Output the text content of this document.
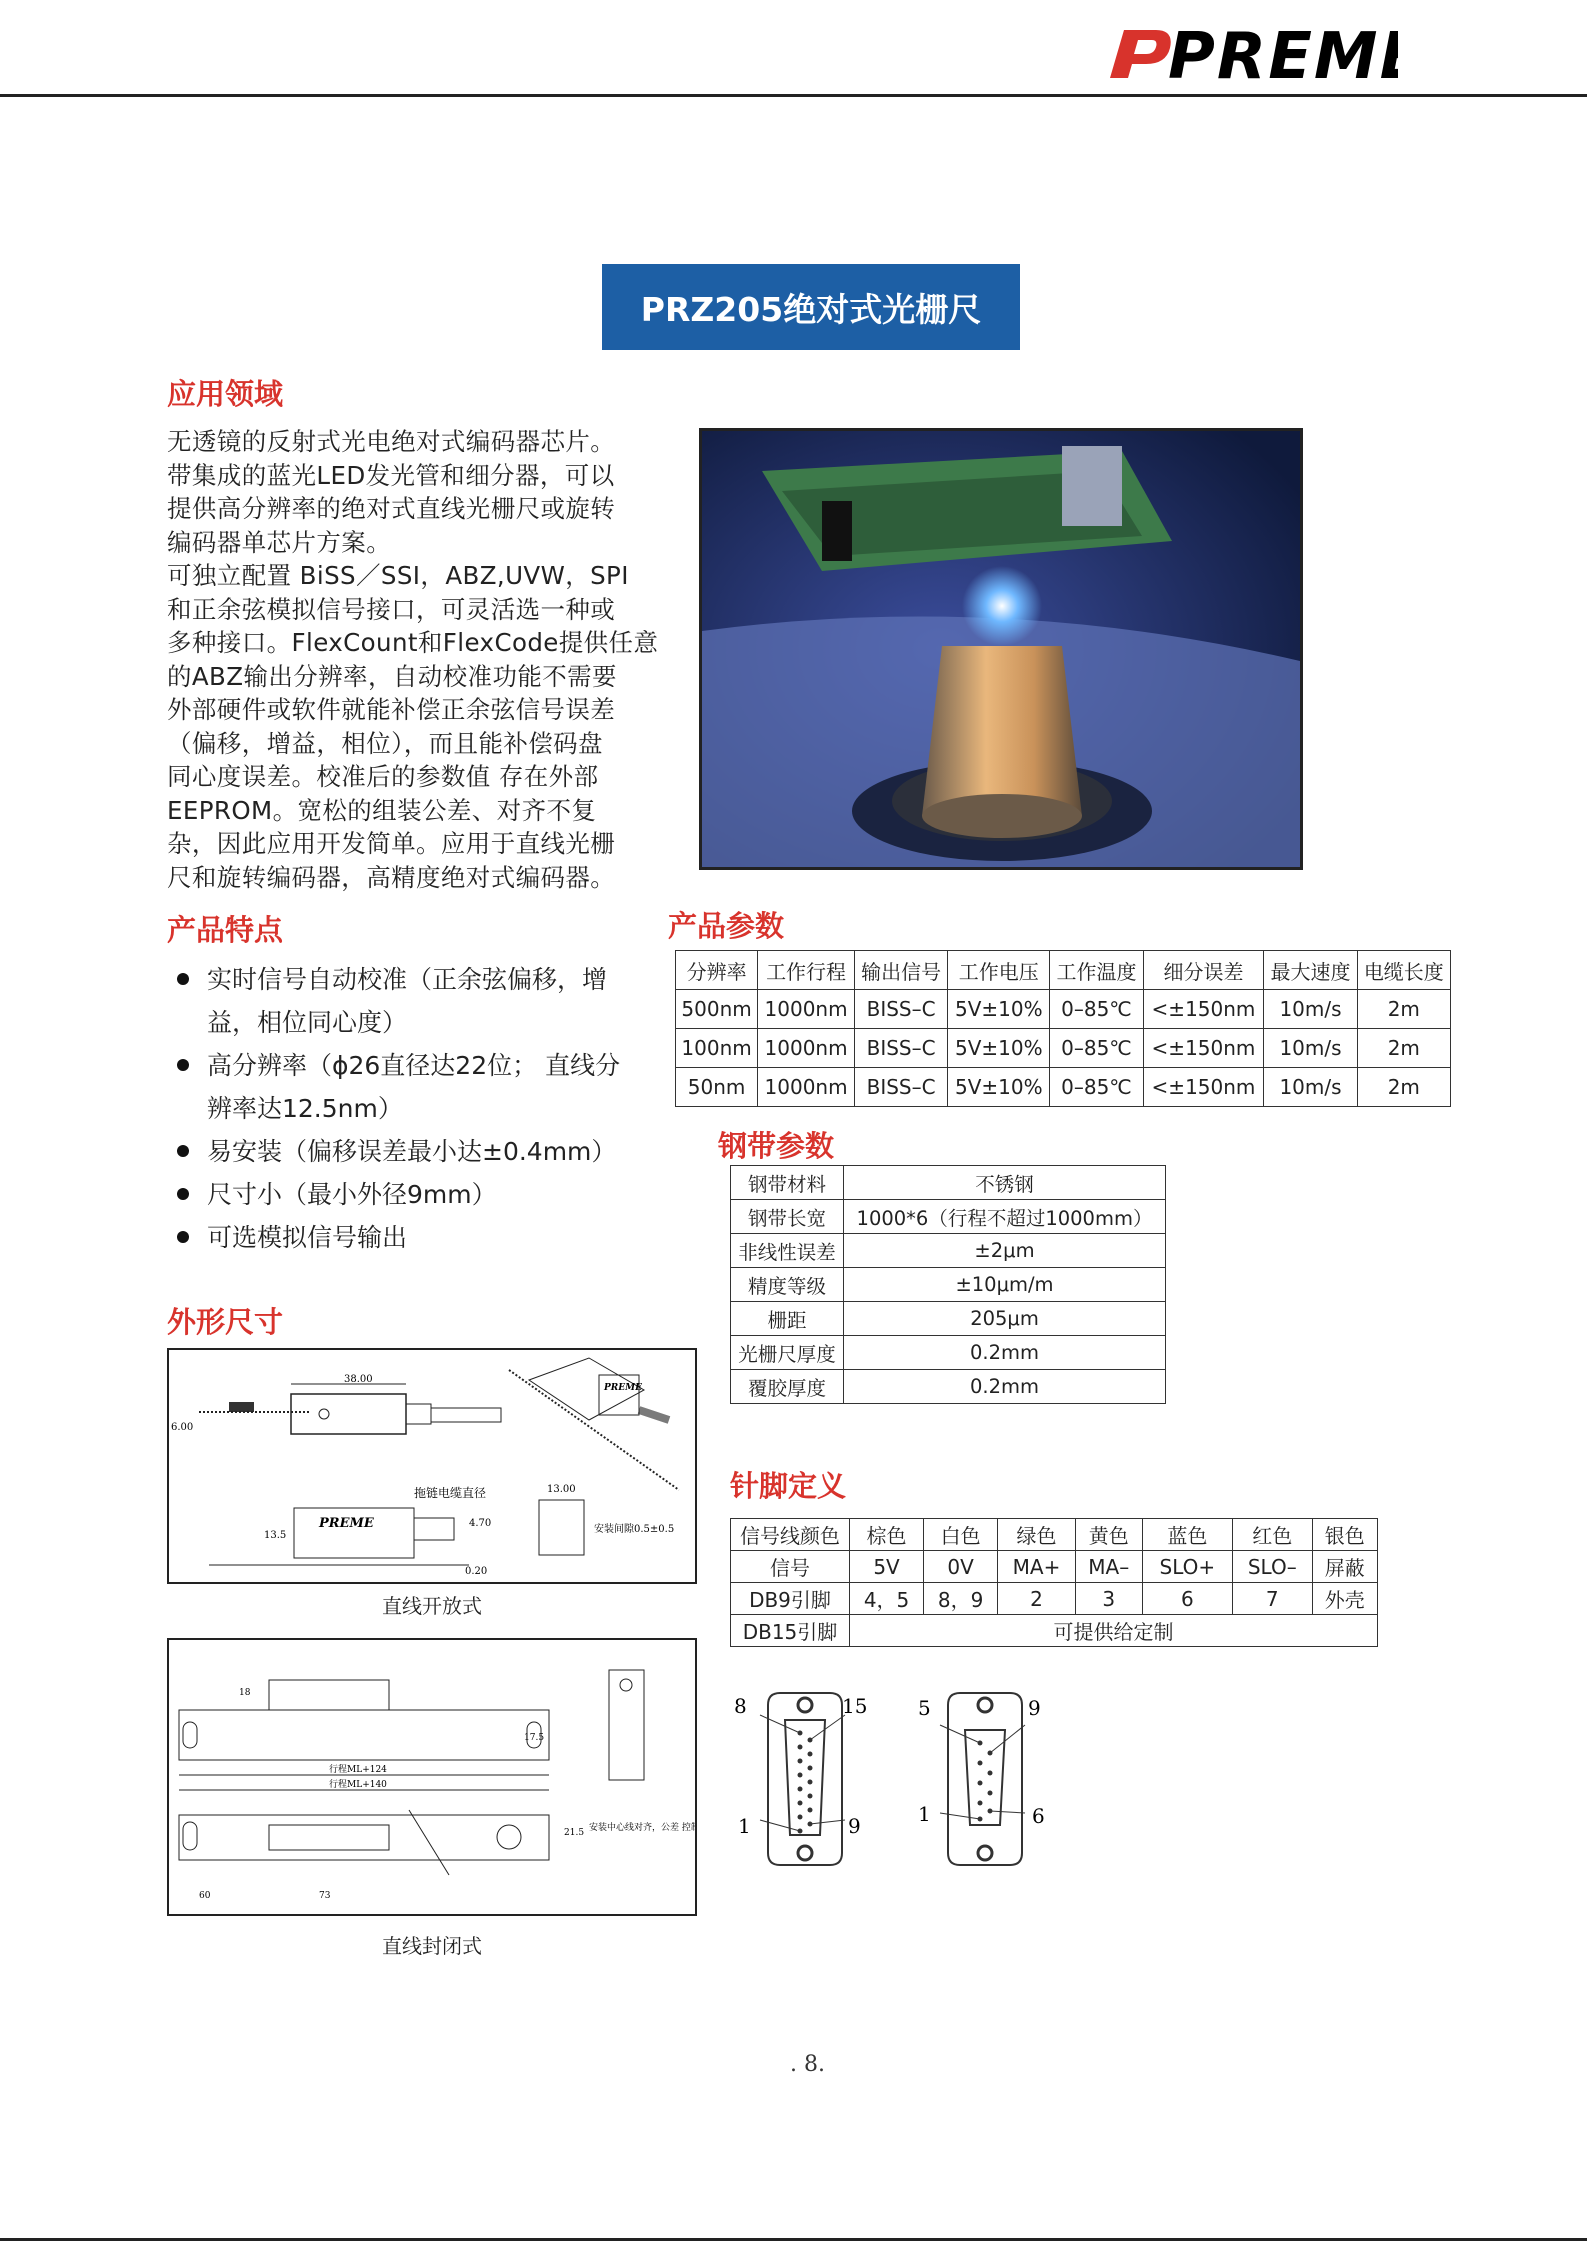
PREM
PRZ205绝对式光栅尺
应用领域
无透镜的反射式光电绝对式编码器芯片。
带集成的蓝光LED发光管和细分器，可以
提供高分辨率的绝对式直线光栅尺或旋转
编码器单芯片方案。
可独立配置 BiSS／SSI，ABZ,UVW，SPI
和正余弦模拟信号接口，可灵活选一种或
多种接口。FlexCount和FlexCode提供任意
的ABZ输出分辨率，自动校准功能不需要
外部硬件或软件就能补偿正余弦信号误差
（偏移，增益，相位），而且能补偿码盘
同心度误差。校准后的参数值 存在外部
EEPROM。宽松的组装公差、对齐不复
杂，因此应用开发简单。应用于直线光栅
尺和旋转编码器，高精度绝对式编码器。
产品特点
实时信号自动校准（正余弦偏移，增
益，相位同心度）
高分辨率（ϕ26直径达22位； 直线分
辨率达12.5nm）
易安装（偏移误差最小达±0.4mm）
尺寸小（最小外径9mm）
可选模拟信号输出
产品参数
分辨率	工作行程	输出信号	工作电压	工作温度	细分误差	最大速度	电缆长度
500nm	1000nm	BISS–C	5V±10%	0–85℃	<±150nm	10m/s	2m
100nm	1000nm	BISS–C	5V±10%	0–85℃	<±150nm	10m/s	2m
50nm	1000nm	BISS–C	5V±10%	0–85℃	<±150nm	10m/s	2m
钢带参数
钢带材料	不锈钢
钢带长宽	1000*6（行程不超过1000mm）
非线性误差	±2μm
精度等级	±10μm/m
栅距	205μm
光栅尺厚度	0.2mm
覆胶厚度	0.2mm
外形尺寸
38.00
6.00
PREME
拖链电缆直径
PREME	4.70
13.5
13.00
安装间隙0.5±0.5
0.20
直线开放式
行程ML+124
行程ML+140
18
73
60
21.5
17.5
安装中心线对齐，公差 控
直线封闭式
针脚定义
信号线颜色	棕色	白色	绿色	黄色	蓝色	红色	银色
信号	5V	0V	MA+	MA–	SLO+	SLO–	屏蔽
DB9引脚	4，5	8，9	2	3	6	7	外壳
DB15引脚	可提供给定制						
8	15
1	9
5	9
1	6
. 8.
